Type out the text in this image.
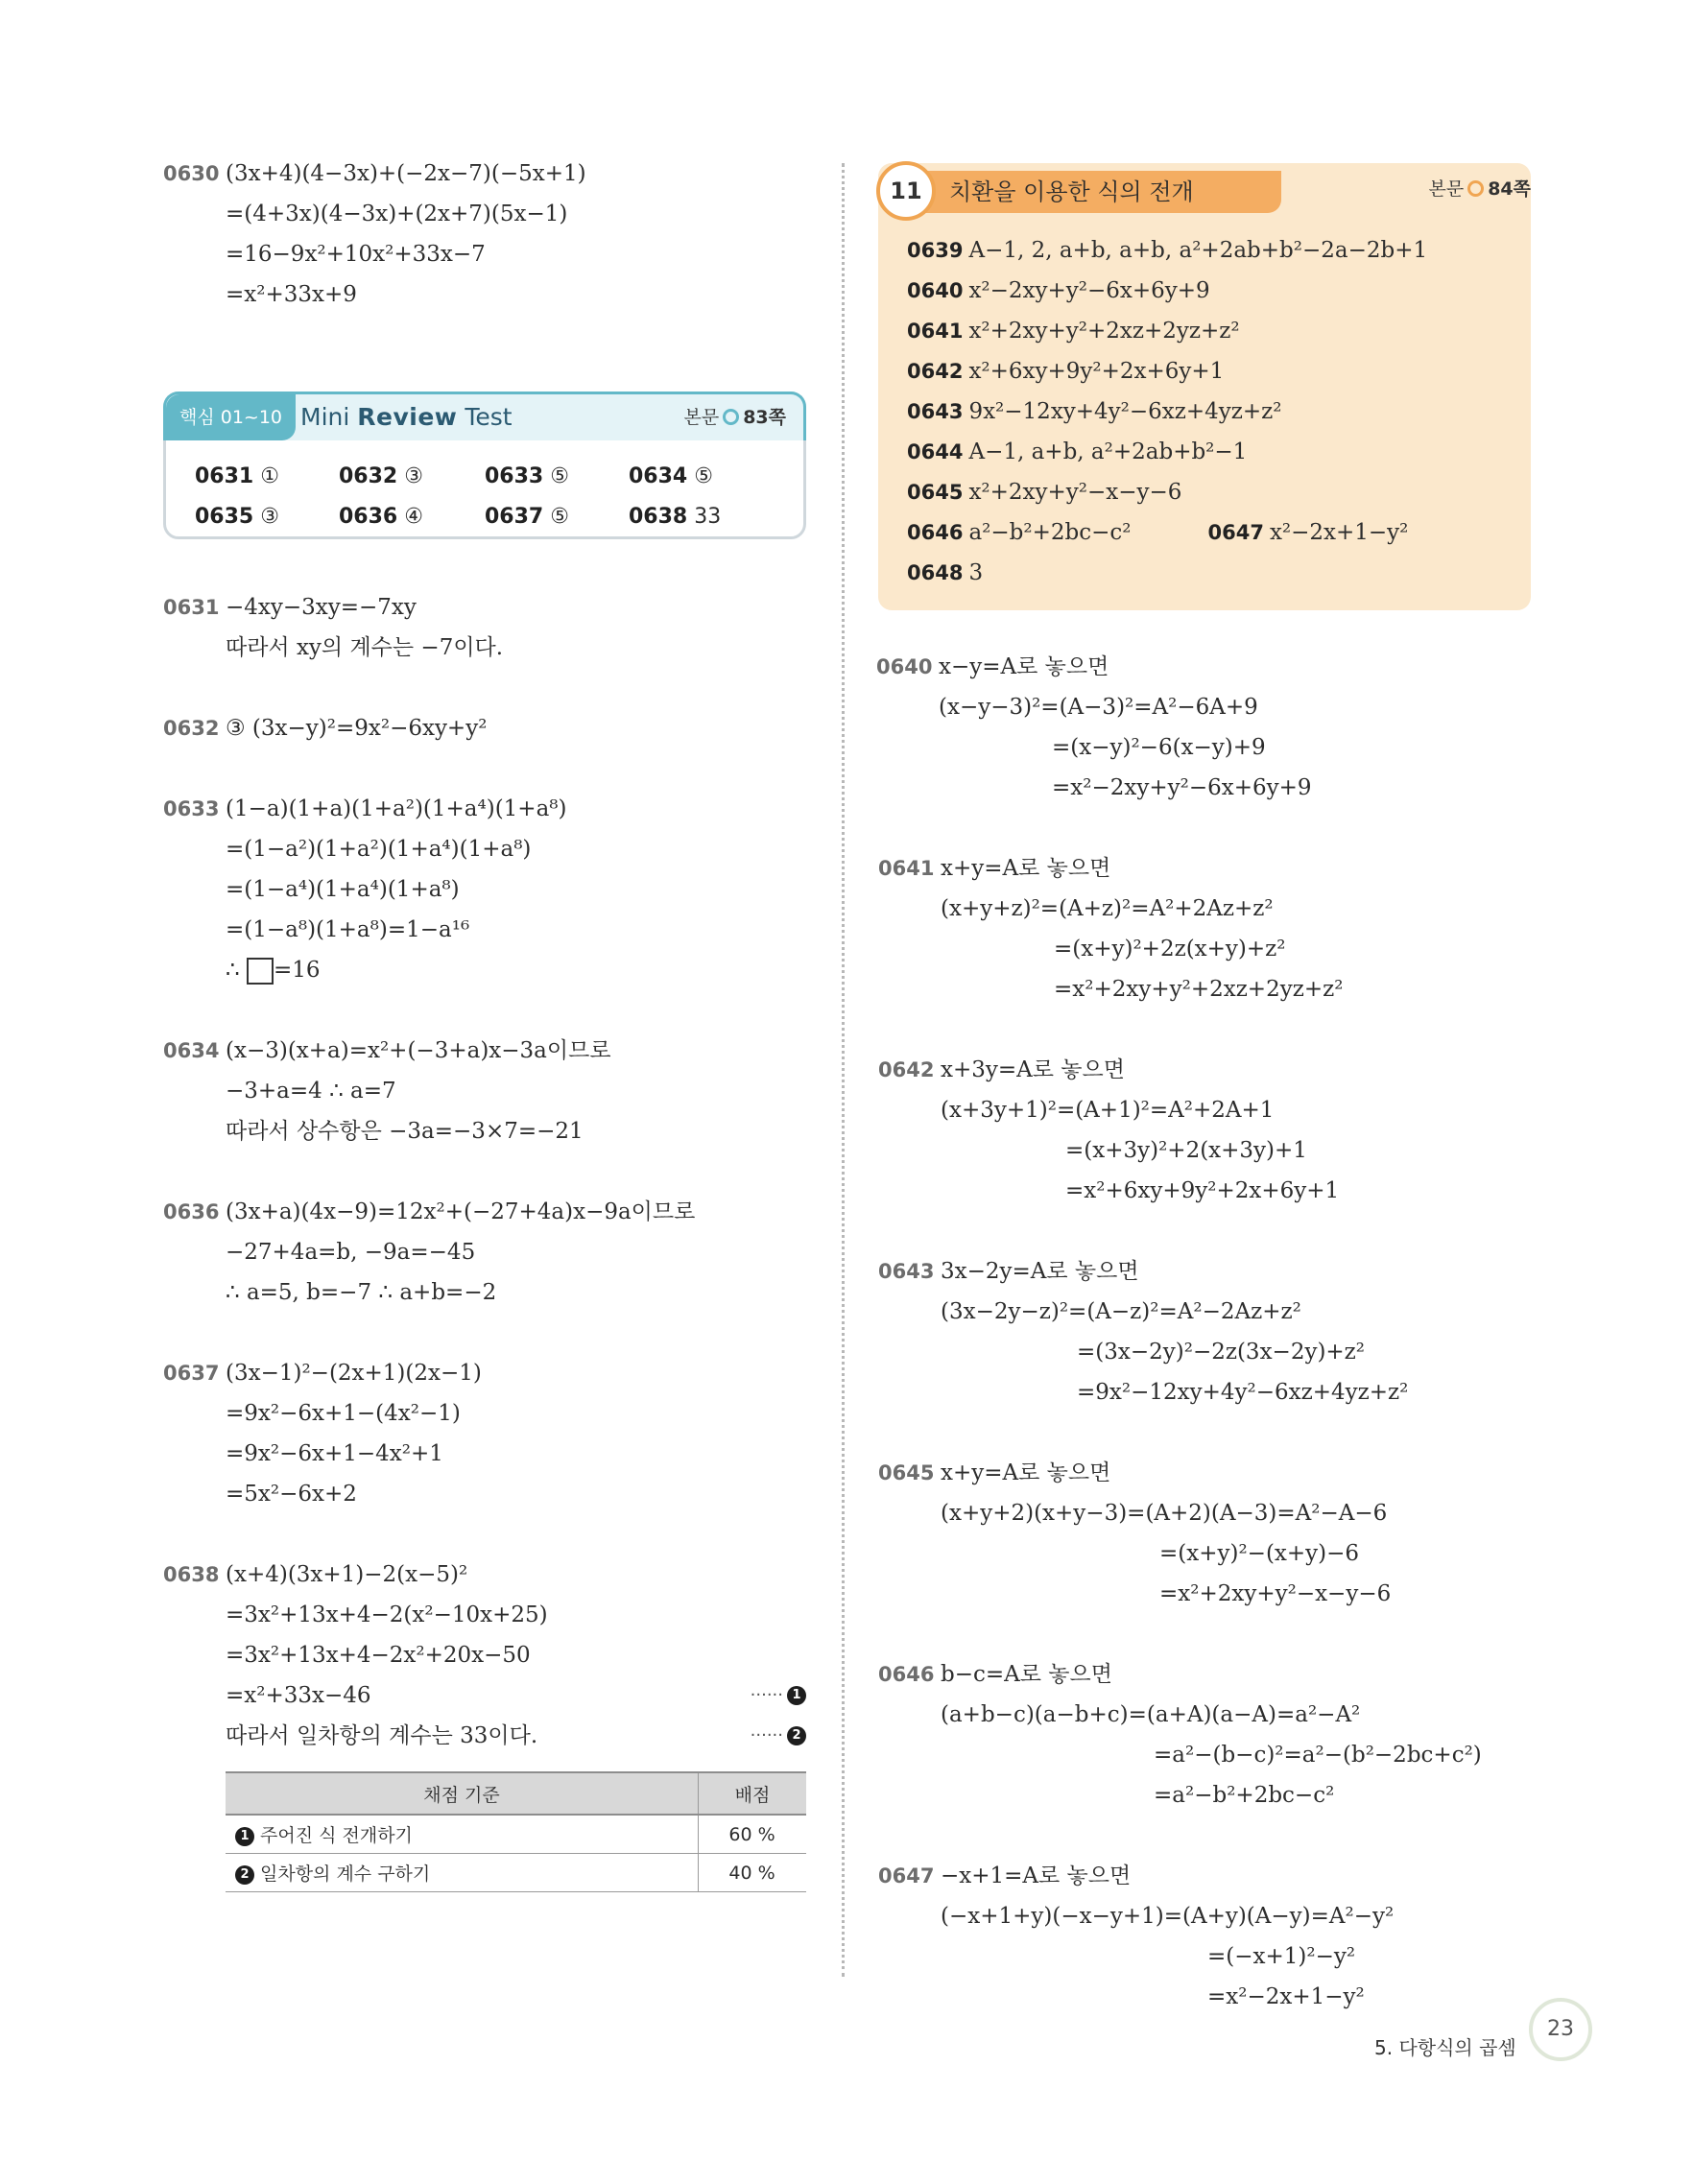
0630 (3x+4)(4−3x)+(−2x−7)(−5x+1)
=(4+3x)(4−3x)+(2x+7)(5x−1)
=16−9x²+10x²+33x−7
=x²+33x+9
핵심 01~10 Mini Review Test	본문 83쪽
0631 ①	0632 ③	0633 ⑤	0634 ⑤
0635 ③	0636 ④	0637 ⑤	0638 33
0631 −4xy−3xy=−7xy
따라서 xy의 계수는 −7이다.
0632 ③ (3x−y)²=9x²−6xy+y²
0633 (1−a)(1+a)(1+a²)(1+a⁴)(1+a⁸)
=(1−a²)(1+a²)(1+a⁴)(1+a⁸)
=(1−a⁴)(1+a⁴)(1+a⁸)
=(1−a⁸)(1+a⁸)=1−a¹⁶
∴ =16
0634 (x−3)(x+a)=x²+(−3+a)x−3a이므로
−3+a=4 ∴ a=7
따라서 상수항은 −3a=−3×7=−21
0636 (3x+a)(4x−9)=12x²+(−27+4a)x−9a이므로
−27+4a=b, −9a=−45
∴ a=5, b=−7 ∴ a+b=−2
0637 (3x−1)²−(2x+1)(2x−1)
=9x²−6x+1−(4x²−1)
=9x²−6x+1−4x²+1
=5x²−6x+2
0638 (x+4)(3x+1)−2(x−5)²
=3x²+13x+4−2(x²−10x+25)
=3x²+13x+4−2x²+20x−50
=x²+33x−46	······ 1
따라서 일차항의 계수는 33이다.	······ 2
채점 기준	배점
1 주어진 식 전개하기	60 %
2 일차항의 계수 구하기	40 %
11	치환을 이용한 식의 전개	본문 84쪽
0639 A−1, 2, a+b, a+b, a²+2ab+b²−2a−2b+1
0640 x²−2xy+y²−6x+6y+9
0641 x²+2xy+y²+2xz+2yz+z²
0642 x²+6xy+9y²+2x+6y+1
0643 9x²−12xy+4y²−6xz+4yz+z²
0644 A−1, a+b, a²+2ab+b²−1
0645 x²+2xy+y²−x−y−6
0646 a²−b²+2bc−c²	0647 x²−2x+1−y²
0648 3
0640 x−y=A로 놓으면
(x−y−3)²=(A−3)²=A²−6A+9
=(x−y)²−6(x−y)+9
=x²−2xy+y²−6x+6y+9
0641 x+y=A로 놓으면
(x+y+z)²=(A+z)²=A²+2Az+z²
=(x+y)²+2z(x+y)+z²
=x²+2xy+y²+2xz+2yz+z²
0642 x+3y=A로 놓으면
(x+3y+1)²=(A+1)²=A²+2A+1
=(x+3y)²+2(x+3y)+1
=x²+6xy+9y²+2x+6y+1
0643 3x−2y=A로 놓으면
(3x−2y−z)²=(A−z)²=A²−2Az+z²
=(3x−2y)²−2z(3x−2y)+z²
=9x²−12xy+4y²−6xz+4yz+z²
0645 x+y=A로 놓으면
(x+y+2)(x+y−3)=(A+2)(A−3)=A²−A−6
=(x+y)²−(x+y)−6
=x²+2xy+y²−x−y−6
0646 b−c=A로 놓으면
(a+b−c)(a−b+c)=(a+A)(a−A)=a²−A²
=a²−(b−c)²=a²−(b²−2bc+c²)
=a²−b²+2bc−c²
0647 −x+1=A로 놓으면
(−x+1+y)(−x−y+1)=(A+y)(A−y)=A²−y²
=(−x+1)²−y²
=x²−2x+1−y²
5. 다항식의 곱셈
23
